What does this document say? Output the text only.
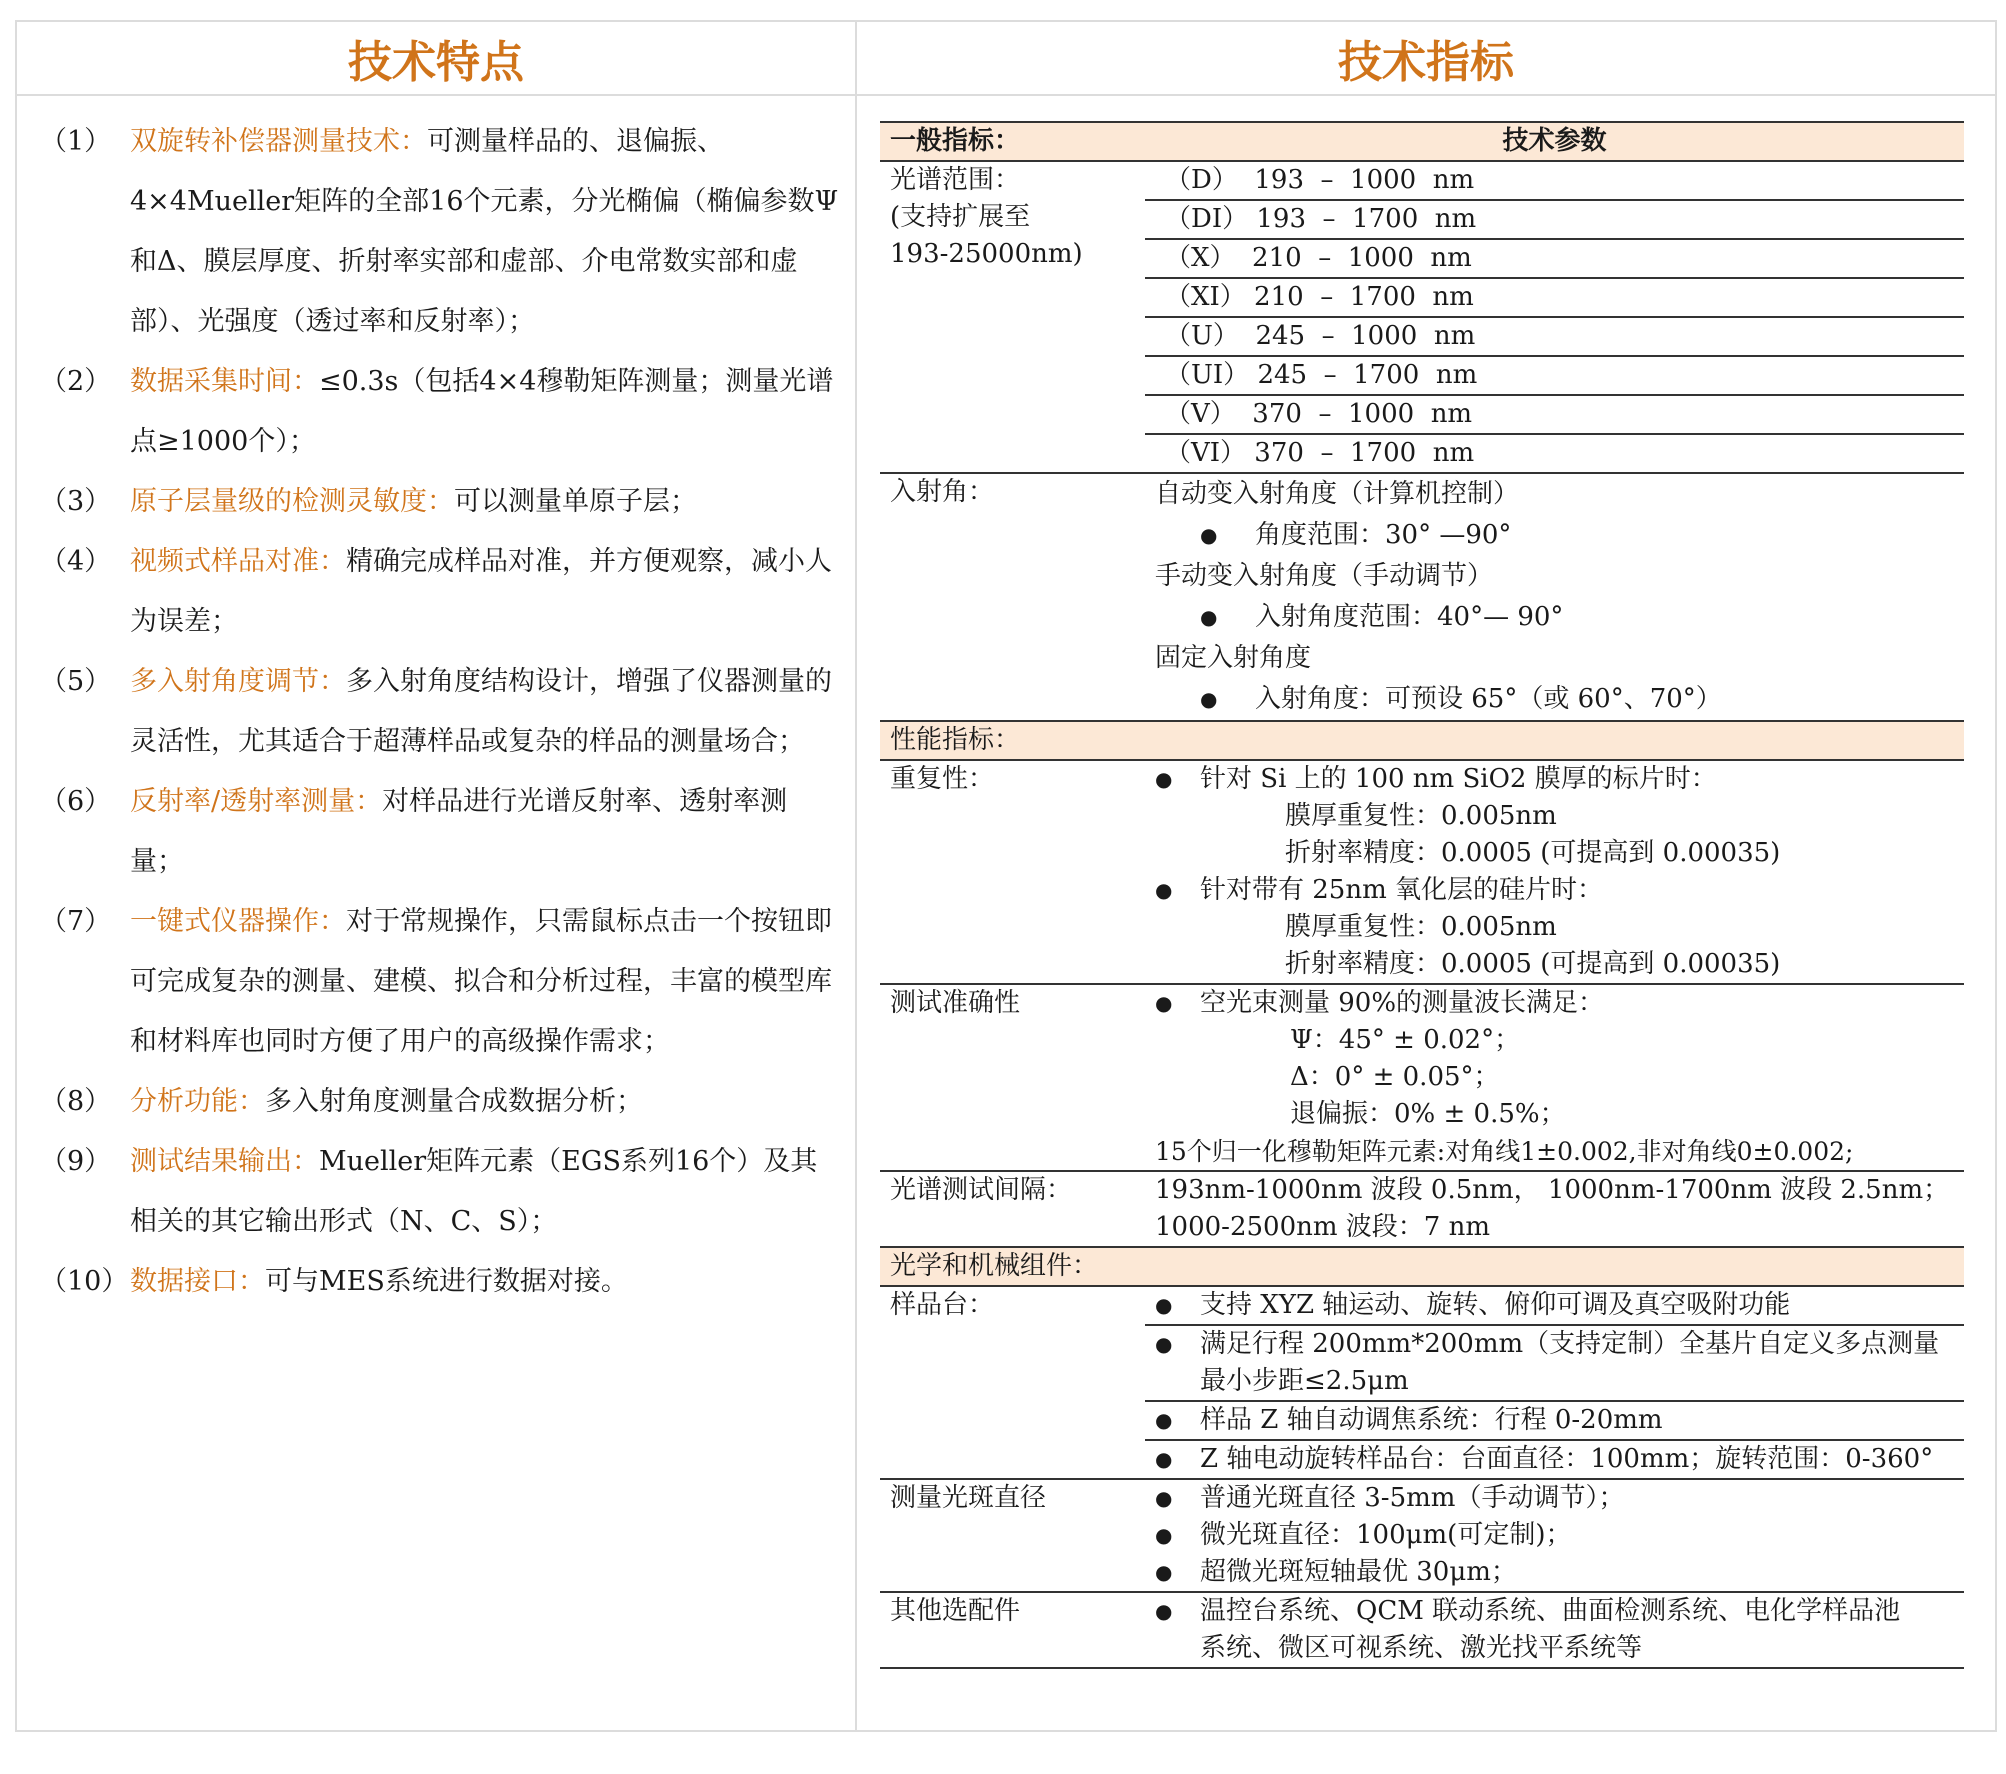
技术特点	技术指标
（1） 双旋转补偿器测量技术：可测量样品的、退偏振、4×4Mueller矩阵的全部16个元素，分光椭偏（椭偏参数Ψ和Δ、膜层厚度、折射率实部和虚部、介电常数实部和虚部）、光强度（透过率和反射率）；
（2） 数据采集时间：≤0.3s（包括4×4穆勒矩阵测量；测量光谱点≥1000个）；
（3） 原子层量级的检测灵敏度：可以测量单原子层；
（4） 视频式样品对准：精确完成样品对准，并方便观察，减小人为误差；
（5） 多入射角度调节：多入射角度结构设计，增强了仪器测量的灵活性，尤其适合于超薄样品或复杂的样品的测量场合；
（6） 反射率/透射率测量：对样品进行光谱反射率、透射率测量；
（7） 一键式仪器操作：对于常规操作，只需鼠标点击一个按钮即可完成复杂的测量、建模、拟合和分析过程，丰富的模型库和材料库也同时方便了用户的高级操作需求；
（8） 分析功能：多入射角度测量合成数据分析；
（9） 测试结果输出：Mueller矩阵元素（EGS系列16个）及其相关的其它输出形式（N、C、S）；
（10） 数据接口：可与MES系统进行数据对接。
一般指标：	技术参数
光谱范围：
(支持扩展至
193-25000nm)
（D）  193  –  1000  nm
（DI） 193  –  1700  nm
（X）  210  –  1000  nm
（XI） 210  –  1700  nm
（U）  245  –  1000  nm
（UI） 245  –  1700  nm
（V）  370  –  1000  nm
（VI） 370  –  1700  nm
入射角：	自动变入射角度（计算机控制）
● 角度范围：30° —90°
手动变入射角度（手动调节）
● 入射角度范围：40°— 90°
固定入射角度
● 入射角度：可预设 65°（或 60°、70°）
性能指标：
重复性：	● 针对 Si 上的 100 nm SiO2 膜厚的标片时：
膜厚重复性：0.005nm
折射率精度：0.0005 (可提高到 0.00035)
● 针对带有 25nm 氧化层的硅片时：
膜厚重复性：0.005nm
折射率精度：0.0005 (可提高到 0.00035)
测试准确性	● 空光束测量 90%的测量波长满足：
Ψ：45° ± 0.02°；
Δ：0° ± 0.05°；
退偏振：0% ± 0.5%；
15个归一化穆勒矩阵元素:对角线1±0.002,非对角线0±0.002;
光谱测试间隔：	193nm-1000nm 波段 0.5nm， 1000nm-1700nm 波段 2.5nm；
1000-2500nm 波段：7 nm
光学和机械组件：
样品台：	● 支持 XYZ 轴运动、旋转、俯仰可调及真空吸附功能
● 满足行程 200mm*200mm（支持定制）全基片自定义多点测量
最小步距≤2.5μm
● 样品 Z 轴自动调焦系统：行程 0-20mm
● Z 轴电动旋转样品台：台面直径：100mm；旋转范围：0-360°
测量光斑直径	● 普通光斑直径 3-5mm（手动调节）；
● 微光斑直径：100μm(可定制)；
● 超微光斑短轴最优 30μm；
其他选配件	● 温控台系统、QCM 联动系统、曲面检测系统、电化学样品池
系统、微区可视系统、激光找平系统等
